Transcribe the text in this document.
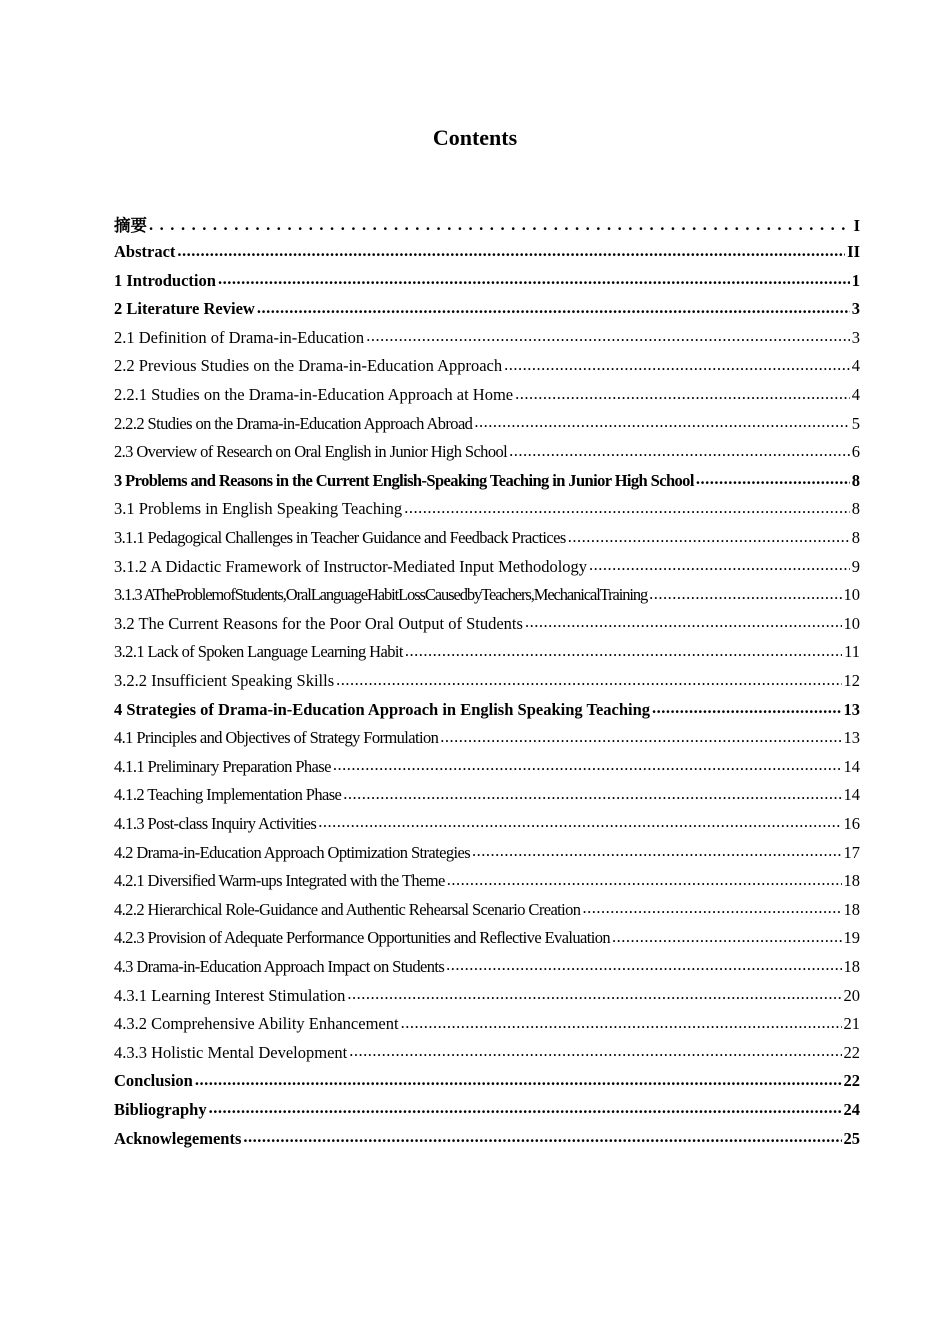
Contents
摘要 . . .	I
Abstract .....	II
1 Introduction .....	1
2 Literature Review .....	3
2.1 Definition of Drama-in-Education .....	3
2.2 Previous Studies on the Drama-in-Education Approach .....	4
2.2.1 Studies on the Drama-in-Education Approach at Home .....	4
2.2.2 Studies on the Drama-in-Education Approach Abroad .....	5
2.3 Overview of Research on Oral English in Junior High School .....	6
3 Problems and Reasons in the Current English-Speaking Teaching in Junior High School .....	8
3.1 Problems in English Speaking Teaching .....	8
3.1.1 Pedagogical Challenges in Teacher Guidance and Feedback Practices .....	8
3.1.2 A Didactic Framework of Instructor-Mediated Input Methodology .....	9
3.1.3 ATheProblemofStudents,OralLanguageHabitLossCausedbyTeachers,MechanicalTraining .....	10
3.2 The Current Reasons for the Poor Oral Output of Students .....	10
3.2.1 Lack of Spoken Language Learning Habit .....	11
3.2.2 Insufficient Speaking Skills .....	12
4 Strategies of Drama-in-Education Approach in English Speaking Teaching .....	13
4.1 Principles and Objectives of Strategy Formulation .....	13
4.1.1 Preliminary Preparation Phase .....	14
4.1.2 Teaching Implementation Phase .....	14
4.1.3 Post-class Inquiry Activities .....	16
4.2 Drama-in-Education Approach Optimization Strategies .....	17
4.2.1 Diversified Warm-ups Integrated with the Theme .....	18
4.2.2 Hierarchical Role-Guidance and Authentic Rehearsal Scenario Creation .....	18
4.2.3 Provision of Adequate Performance Opportunities and Reflective Evaluation .....	19
4.3 Drama-in-Education Approach Impact on Students .....	18
4.3.1 Learning Interest Stimulation .....	20
4.3.2 Comprehensive Ability Enhancement .....	21
4.3.3 Holistic Mental Development .....	22
Conclusion .....	22
Bibliography .....	24
Acknowlegements .....	25
